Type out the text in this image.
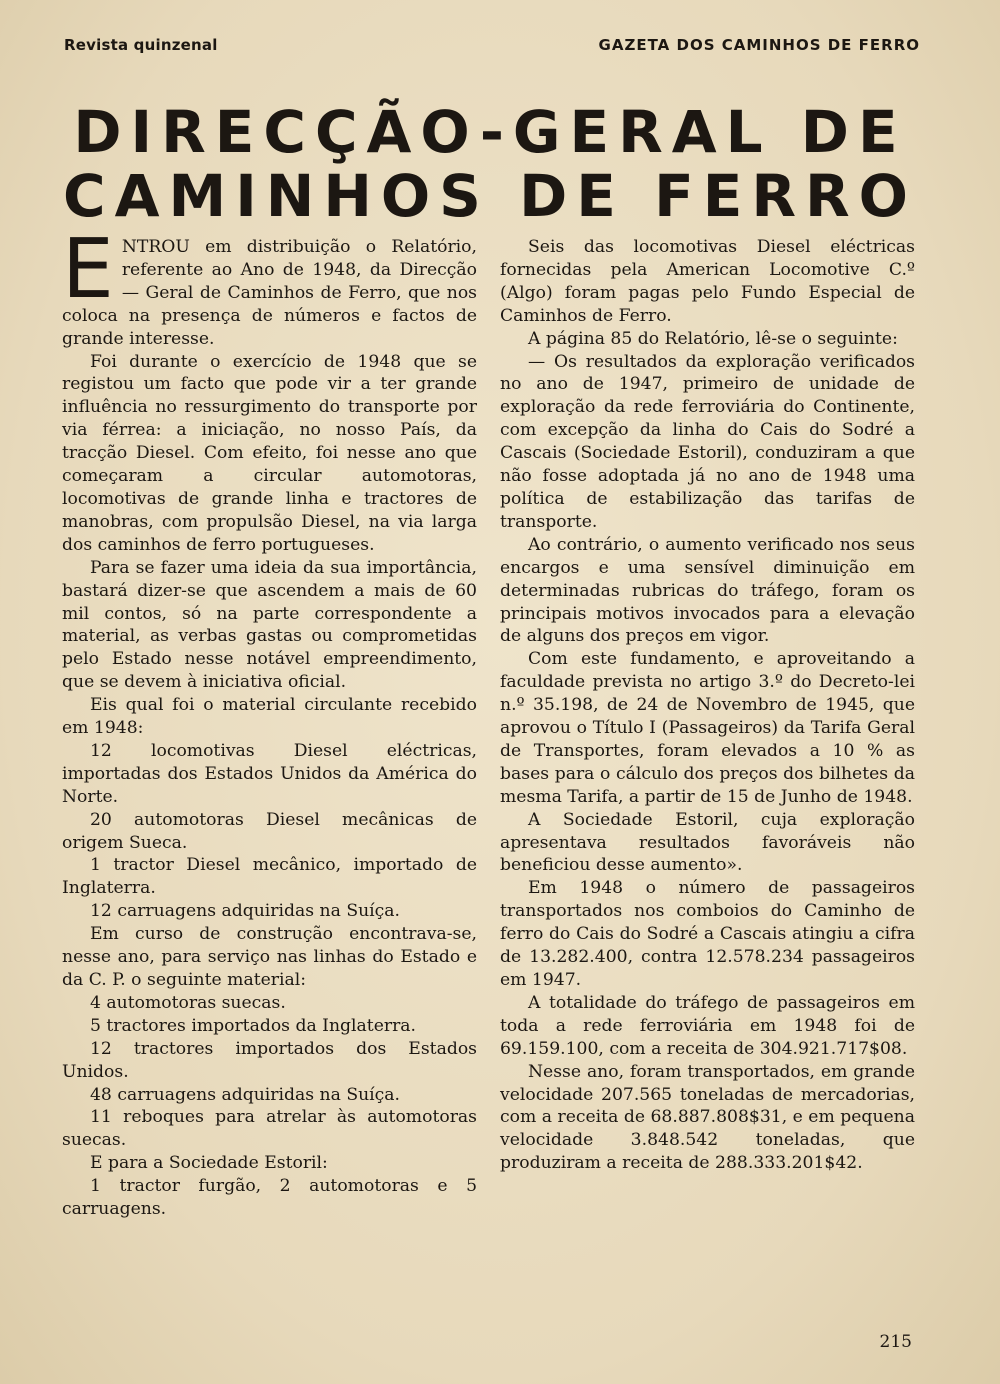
Revista quinzenal	GAZETA DOS CAMINHOS DE FERRO
DIRECÇÃO-GERAL DE
CAMINHOS DE FERRO

ENTROU em distribuição o Relatório, referente ao Ano de 1948, da Direcção — Geral de Caminhos de Ferro, que nos coloca na presença de números e factos de grande interesse.

Foi durante o exercício de 1948 que se registou um facto que pode vir a ter grande influência no ressurgimento do transporte por via férrea: a iniciação, no nosso País, da tracção Diesel. Com efeito, foi nesse ano que começaram a circular automotoras, locomotivas de grande linha e tractores de manobras, com propulsão Diesel, na via larga dos caminhos de ferro portugueses.

Para se fazer uma ideia da sua importância, bastará dizer-se que ascendem a mais de 60 mil contos, só na parte correspondente a material, as verbas gastas ou comprometidas pelo Estado nesse notável empreendimento, que se devem à iniciativa oficial.

Eis qual foi o material circulante recebido em 1948:

12 locomotivas Diesel eléctricas, importadas dos Estados Unidos da América do Norte.

20 automotoras Diesel mecânicas de origem Sueca.

1 tractor Diesel mecânico, importado de Inglaterra.

12 carruagens adquiridas na Suíça.

Em curso de construção encontrava-se, nesse ano, para serviço nas linhas do Estado e da C. P. o seguinte material:

4 automotoras suecas.

5 tractores importados da Inglaterra.

12 tractores importados dos Estados Unidos.

48 carruagens adquiridas na Suíça.

11 reboques para atrelar às automotoras suecas.

E para a Sociedade Estoril:

1 tractor furgão, 2 automotoras e 5 carruagens.

Seis das locomotivas Diesel eléctricas fornecidas pela American Locomotive C.º (Algo) foram pagas pelo Fundo Especial de Caminhos de Ferro.

A página 85 do Relatório, lê-se o seguinte:

— Os resultados da exploração verificados no ano de 1947, primeiro de unidade de exploração da rede ferroviária do Continente, com excepção da linha do Cais do Sodré a Cascais (Sociedade Estoril), conduziram a que não fosse adoptada já no ano de 1948 uma política de estabilização das tarifas de transporte.

Ao contrário, o aumento verificado nos seus encargos e uma sensível diminuição em determinadas rubricas do tráfego, foram os principais motivos invocados para a elevação de alguns dos preços em vigor.

Com este fundamento, e aproveitando a faculdade prevista no artigo 3.º do Decreto-lei n.º 35.198, de 24 de Novembro de 1945, que aprovou o Título I (Passageiros) da Tarifa Geral de Transportes, foram elevados a 10 % as bases para o cálculo dos preços dos bilhetes da mesma Tarifa, a partir de 15 de Junho de 1948.

A Sociedade Estoril, cuja exploração apresentava resultados favoráveis não beneficiou desse aumento».

Em 1948 o número de passageiros transportados nos comboios do Caminho de ferro do Cais do Sodré a Cascais atingiu a cifra de 13.282.400, contra 12.578.234 passageiros em 1947.

A totalidade do tráfego de passageiros em toda a rede ferroviária em 1948 foi de 69.159.100, com a receita de 304.921.717$08.

Nesse ano, foram transportados, em grande velocidade 207.565 toneladas de mercadorias, com a receita de 68.887.808$31, e em pequena velocidade 3.848.542 toneladas, que produziram a receita de 288.333.201$42.

215
